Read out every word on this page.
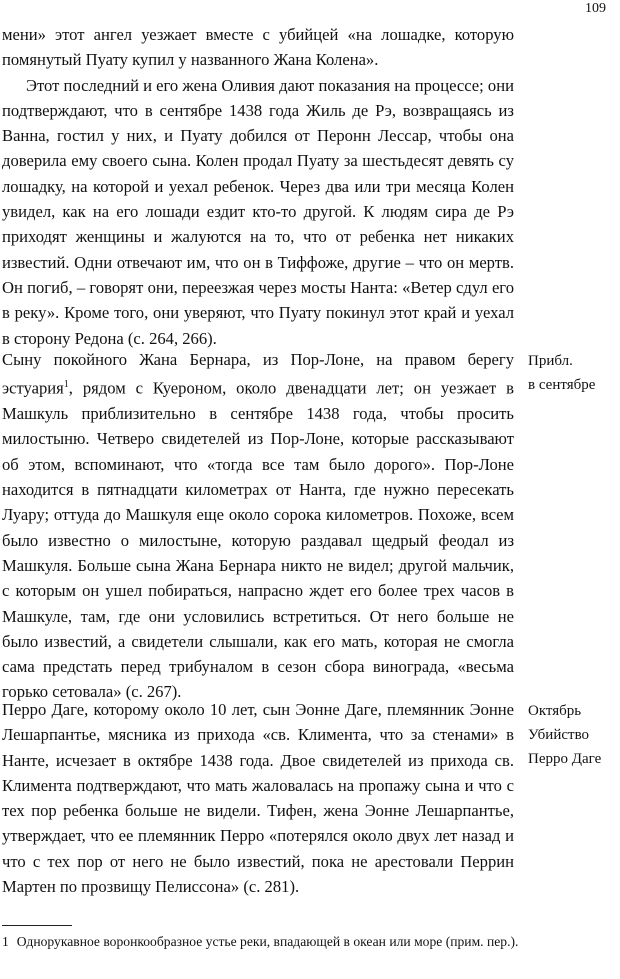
109

мени» этот ангел уезжает вместе с убийцей «на лошадке, которую помянутый Пуату купил у названного Жана Колена».

Этот последний и его жена Оливия дают показания на процессе; они подтверждают, что в сентябре 1438 года Жиль де Рэ, возвращаясь из Ванна, гостил у них, и Пуату добился от Перонн Лессар, чтобы она доверила ему своего сына. Колен продал Пуату за шестьдесят девять су лошадку, на которой и уехал ребенок. Через два или три месяца Колен увидел, как на его лошади ездит кто-то другой. К людям сира де Рэ приходят женщины и жалуются на то, что от ребенка нет никаких известий. Одни отвечают им, что он в Тиффоже, другие – что он мертв. Он погиб, – говорят они, переезжая через мосты Нанта: «Ветер сдул его в реку». Кроме того, они уверяют, что Пуату покинул этот край и уехал в сторону Редона (с. 264, 266).

Сыну покойного Жана Бернара, из Пор-Лоне, на правом берегу эстуария$^1$, рядом с Куероном, около двенадцати лет; он уезжает в Машкуль приблизительно в сентябре 1438 года, чтобы просить милостыню. Четверо свидетелей из Пор-Лоне, которые рассказывают об этом, вспоминают, что «тогда все там было дорого». Пор-Лоне находится в пятнадцати километрах от Нанта, где нужно пересекать Луару; оттуда до Машкуля еще около сорока километров. Похоже, всем было известно о милостыне, которую раздавал щедрый феодал из Машкуля. Больше сына Жана Бернара никто не видел; другой мальчик, с которым он ушел побираться, напрасно ждет его более трех часов в Машкуле, там, где они условились встретиться. От него больше не было известий, а свидетели слышали, как его мать, которая не смогла сама предстать перед трибуналом в сезон сбора винограда, «весьма горько сетовала» (с. 267).

Прибл.
в сентябре

Перро Даге, которому около 10 лет, сын Эонне Даге, племянник Эонне Лешарпантье, мясника из прихода «св. Климента, что за стенами» в Нанте, исчезает в октябре 1438 года. Двое свидетелей из прихода св. Климента подтверждают, что мать жаловалась на пропажу сына и что с тех пор ребенка больше не видели. Тифен, жена Эонне Лешарпантье, утверждает, что ее племянник Перро «потерялся около двух лет назад и что с тех пор от него не было известий, пока не арестовали Перрин Мартен по прозвищу Пелиссона» (с. 281).

Октябрь
Убийство
Перро Даге
1 Однорукавное воронкообразное устье реки, впадающей в океан или море (прим. пер.).
